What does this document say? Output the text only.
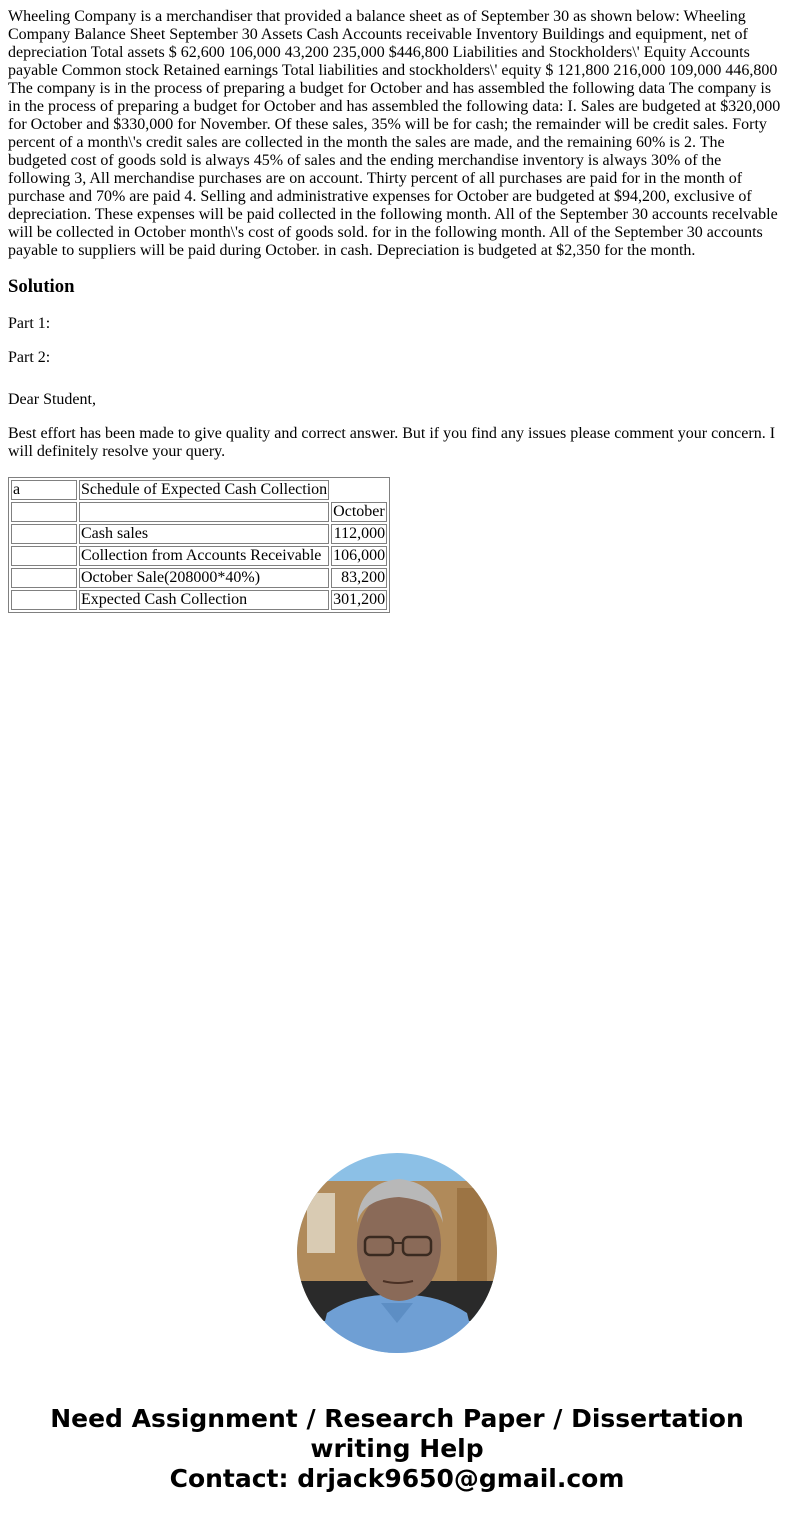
Wheeling Company is a merchandiser that provided a balance sheet as of September 30 as shown below: Wheeling Company Balance Sheet September 30 Assets Cash Accounts receivable Inventory Buildings and equipment, net of depreciation Total assets $ 62,600 106,000 43,200 235,000 $446,800 Liabilities and Stockholders\' Equity Accounts payable Common stock Retained earnings Total liabilities and stockholders\' equity $ 121,800 216,000 109,000 446,800 The company is in the process of preparing a budget for October and has assembled the following data The company is in the process of preparing a budget for October and has assembled the following data: I. Sales are budgeted at $320,000 for October and $330,000 for November. Of these sales, 35% will be for cash; the remainder will be credit sales. Forty percent of a month\'s credit sales are collected in the month the sales are made, and the remaining 60% is 2. The budgeted cost of goods sold is always 45% of sales and the ending merchandise inventory is always 30% of the following 3, All merchandise purchases are on account. Thirty percent of all purchases are paid for in the month of purchase and 70% are paid 4. Selling and administrative expenses for October are budgeted at $94,200, exclusive of depreciation. These expenses will be paid collected in the following month. All of the September 30 accounts recelvable will be collected in October month\'s cost of goods sold. for in the following month. All of the September 30 accounts payable to suppliers will be paid during October. in cash. Depreciation is budgeted at $2,350 for the month.
Solution

Part 1:

Part 2:

Dear Student,

Best effort has been made to give quality and correct answer. But if you find any issues please comment your concern. I will definitely resolve your query.

a	Schedule of Expected Cash Collection	
		October
	Cash sales	112,000
	Collection from Accounts Receivable	106,000
	October Sale(208000*40%)	83,200
	Expected Cash Collection	301,200
Need Assignment / Research Paper / Dissertation
writing Help
Contact: drjack9650@gmail.com
